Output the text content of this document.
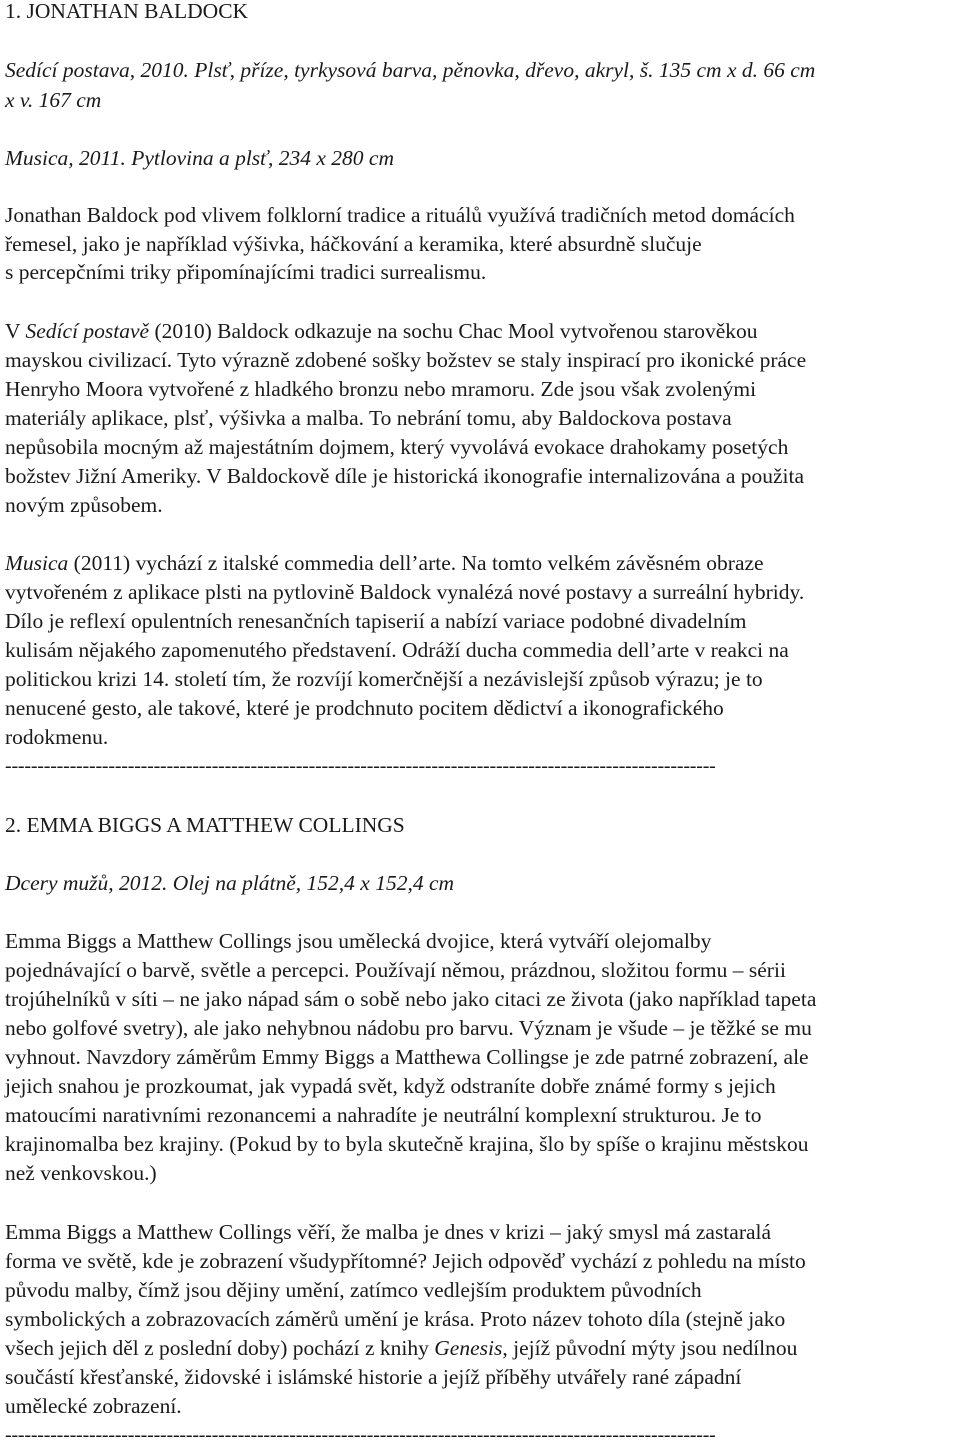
1. JONATHAN BALDOCK
Sedící postava, 2010. Plsť, příze, tyrkysová barva, pěnovka, dřevo, akryl, š. 135 cm x d. 66 cm
x v. 167 cm
Musica, 2011. Pytlovina a plsť, 234 x 280 cm
Jonathan Baldock pod vlivem folklorní tradice a rituálů využívá tradičních metod domácích
řemesel, jako je například výšivka, háčkování a keramika, které absurdně slučuje
s percepčními triky připomínajícími tradici surrealismu.
V Sedící postavě (2010) Baldock odkazuje na sochu Chac Mool vytvořenou starověkou
mayskou civilizací. Tyto výrazně zdobené sošky božstev se staly inspirací pro ikonické práce
Henryho Moora vytvořené z hladkého bronzu nebo mramoru. Zde jsou však zvolenými
materiály aplikace, plsť, výšivka a malba. To nebrání tomu, aby Baldockova postava
nepůsobila mocným až majestátním dojmem, který vyvolává evokace drahokamy posetých
božstev Jižní Ameriky. V Baldockově díle je historická ikonografie internalizována a použita
novým způsobem.
Musica (2011) vychází z italské commedia dell’arte. Na tomto velkém závěsném obraze
vytvořeném z aplikace plsti na pytlovině Baldock vynalézá nové postavy a surreální hybridy.
Dílo je reflexí opulentních renesančních tapiserií a nabízí variace podobné divadelním
kulisám nějakého zapomenutého představení. Odráží ducha commedia dell’arte v reakci na
politickou krizi 14. století tím, že rozvíjí komerčnější a nezávislejší způsob výrazu; je to
nenucené gesto, ale takové, které je prodchnuto pocitem dědictví a ikonografického
rodokmenu.
--------------------------------------------------------------------------------------------------------------
2. EMMA BIGGS A MATTHEW COLLINGS
Dcery mužů, 2012. Olej na plátně, 152,4 x 152,4 cm
Emma Biggs a Matthew Collings jsou umělecká dvojice, která vytváří olejomalby
pojednávající o barvě, světle a percepci. Používají němou, prázdnou, složitou formu – sérii
trojúhelníků v síti – ne jako nápad sám o sobě nebo jako citaci ze života (jako například tapeta
nebo golfové svetry), ale jako nehybnou nádobu pro barvu. Význam je všude – je těžké se mu
vyhnout. Navzdory záměrům Emmy Biggs a Matthewa Collingse je zde patrné zobrazení, ale
jejich snahou je prozkoumat, jak vypadá svět, když odstraníte dobře známé formy s jejich
matoucími narativními rezonancemi a nahradíte je neutrální komplexní strukturou. Je to
krajinomalba bez krajiny. (Pokud by to byla skutečně krajina, šlo by spíše o krajinu městskou
než venkovskou.)
Emma Biggs a Matthew Collings věří, že malba je dnes v krizi – jaký smysl má zastaralá
forma ve světě, kde je zobrazení všudypřítomné? Jejich odpověď vychází z pohledu na místo
původu malby, čímž jsou dějiny umění, zatímco vedlejším produktem původních
symbolických a zobrazovacích záměrů umění je krása. Proto název tohoto díla (stejně jako
všech jejich děl z poslední doby) pochází z knihy Genesis, jejíž původní mýty jsou nedílnou
součástí křesťanské, židovské i islámské historie a jejíž příběhy utvářely rané západní
umělecké zobrazení.
--------------------------------------------------------------------------------------------------------------
